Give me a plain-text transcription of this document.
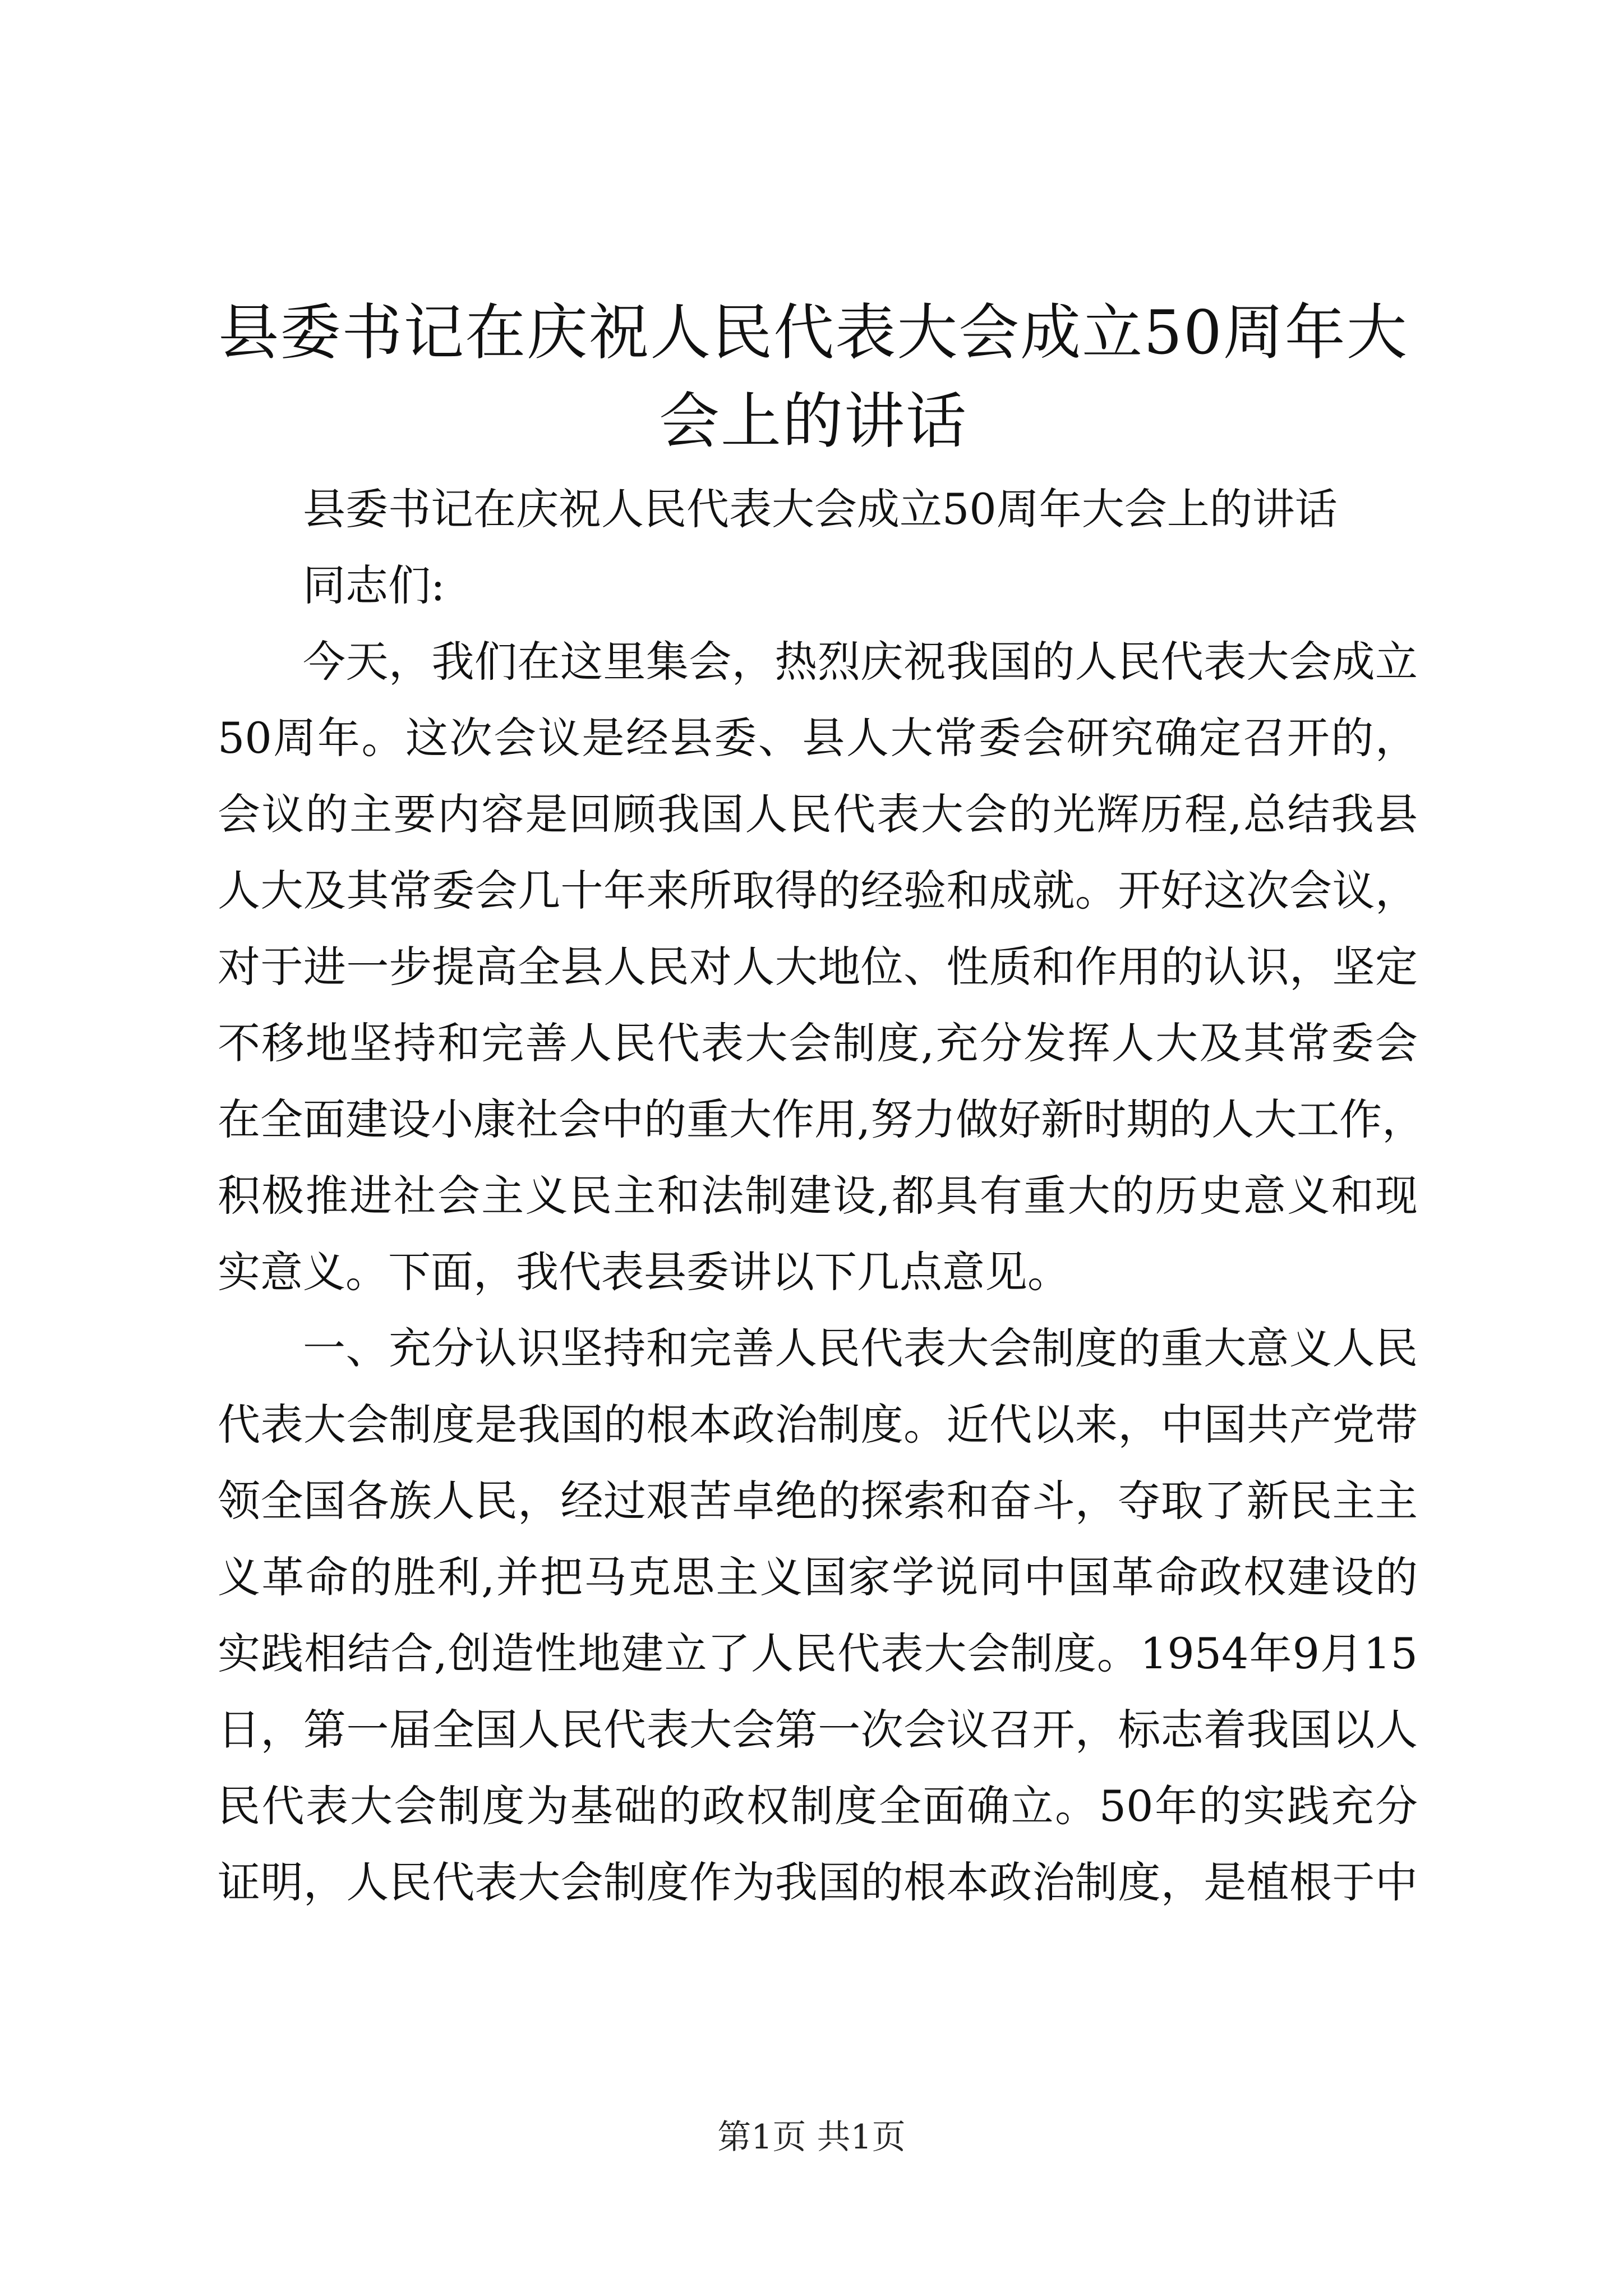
县委书记在庆祝人民代表大会成立50周年大
会上的讲话
县委书记在庆祝人民代表大会成立50周年大会上的讲话
同志们:
今天，我们在这里集会，热烈庆祝我国的人民代表大会成立
50周年。这次会议是经县委、县人大常委会研究确定召开的，
会议的主要内容是回顾我国人民代表大会的光辉历程,总结我县
人大及其常委会几十年来所取得的经验和成就。开好这次会议，
对于进一步提高全县人民对人大地位、性质和作用的认识，坚定
不移地坚持和完善人民代表大会制度,充分发挥人大及其常委会
在全面建设小康社会中的重大作用,努力做好新时期的人大工作，
积极推进社会主义民主和法制建设,都具有重大的历史意义和现
实意义。下面，我代表县委讲以下几点意见。
一、充分认识坚持和完善人民代表大会制度的重大意义人民
代表大会制度是我国的根本政治制度。近代以来，中国共产党带
领全国各族人民，经过艰苦卓绝的探索和奋斗，夺取了新民主主
义革命的胜利,并把马克思主义国家学说同中国革命政权建设的
实践相结合,创造性地建立了人民代表大会制度。1954年9月15
日，第一届全国人民代表大会第一次会议召开，标志着我国以人
民代表大会制度为基础的政权制度全面确立。50年的实践充分
证明，人民代表大会制度作为我国的根本政治制度，是植根于中
第1页 共1页
